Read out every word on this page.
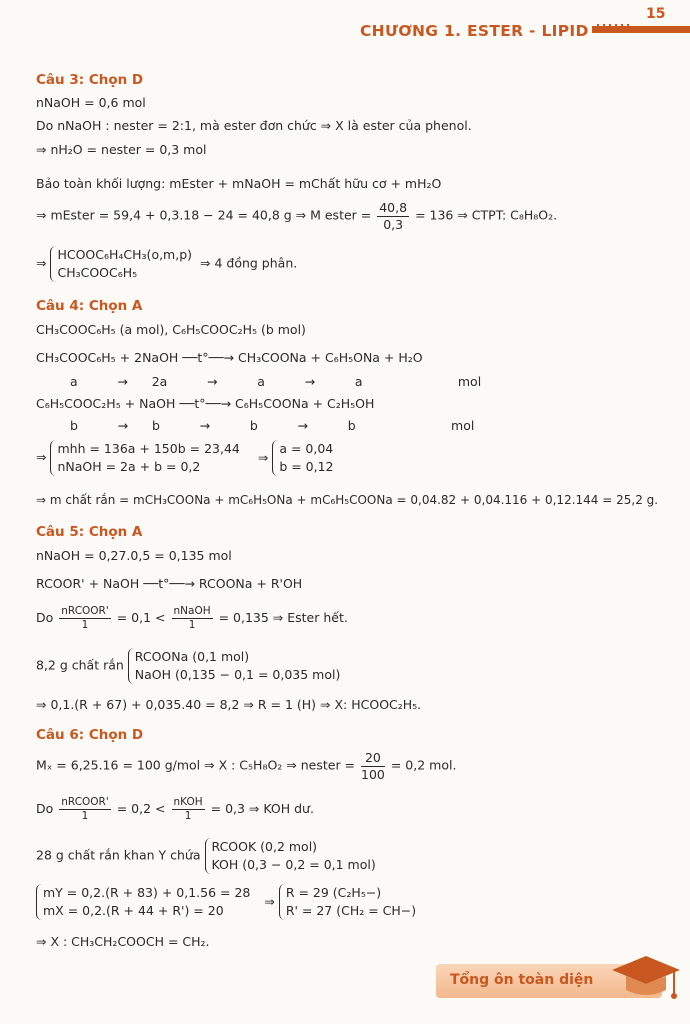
CHƯƠNG 1. ESTER - LIPID
15
Câu 3: Chọn D
nNaOH = 0,6 mol
Do nNaOH : nester = 2:1, mà ester đơn chức ⇒ X là ester của phenol.
⇒ nH₂O = nester = 0,3 mol
Bảo toàn khối lượng: mEster + mNaOH = mChất hữu cơ + mH₂O
⇒ mEster = 59,4 + 0,3.18 − 24 = 40,8 g ⇒ M ester = $\frac{40,8}{0,3} = 136$ ⇒ CTPT: C₈H₈O₂.
⇒
HCOOC₆H₄CH₃(o,m,p)
CH₃COOC₆H₅
⇒ 4 đồng phân.
Câu 4: Chọn A
CH₃COOC₆H₅ (a mol), C₆H₅COOC₂H₅ (b mol)
CH₃COOC₆H₅ + 2NaOH ──t°──→ CH₃COONa + C₆H₅ONa + H₂O
a          →      2a          →          a          →          a                        mol
C₆H₅COOC₂H₅ + NaOH ──t°──→ C₆H₅COONa + C₂H₅OH
b          →      b          →          b          →          b                        mol
⇒
mhh = 136a + 150b = 23,44
nNaOH = 2a + b = 0,2
⇒
a = 0,04
b = 0,12
⇒ m chất rắn = mCH₃COONa + mC₆H₅ONa + mC₆H₅COONa = 0,04.82 + 0,04.116 + 0,12.144 = 25,2 g.
Câu 5: Chọn A
nNaOH = 0,27.0,5 = 0,135 mol
RCOOR' + NaOH ──t°──→ RCOONa + R'OH
Do $\frac{\text{nRCOOR'}}{1} = 0,1 < \frac{\text{nNaOH}}{1} = 0,135$ ⇒ Ester hết.
8,2 g chất rắn
RCOONa (0,1 mol)
NaOH (0,135 − 0,1 = 0,035 mol)
⇒ 0,1.(R + 67) + 0,035.40 = 8,2 ⇒ R = 1 (H) ⇒ X: HCOOC₂H₅.
Câu 6: Chọn D
Mₓ = 6,25.16 = 100 g/mol ⇒ X : C₅H₈O₂ ⇒ nester = $\frac{20}{100} = 0,2$ mol.
Do $\frac{\text{nRCOOR'}}{1} = 0,2 < \frac{\text{nKOH}}{1} = 0,3$ ⇒ KOH dư.
28 g chất rắn khan Y chứa
RCOOK (0,2 mol)
KOH (0,3 − 0,2 = 0,1 mol)
mY = 0,2.(R + 83) + 0,1.56 = 28
mX = 0,2.(R + 44 + R') = 20
⇒
R = 29 (C₂H₅−)
R' = 27 (CH₂ = CH−)
⇒ X : CH₃CH₂COOCH = CH₂.
Tổng ôn toàn diện
